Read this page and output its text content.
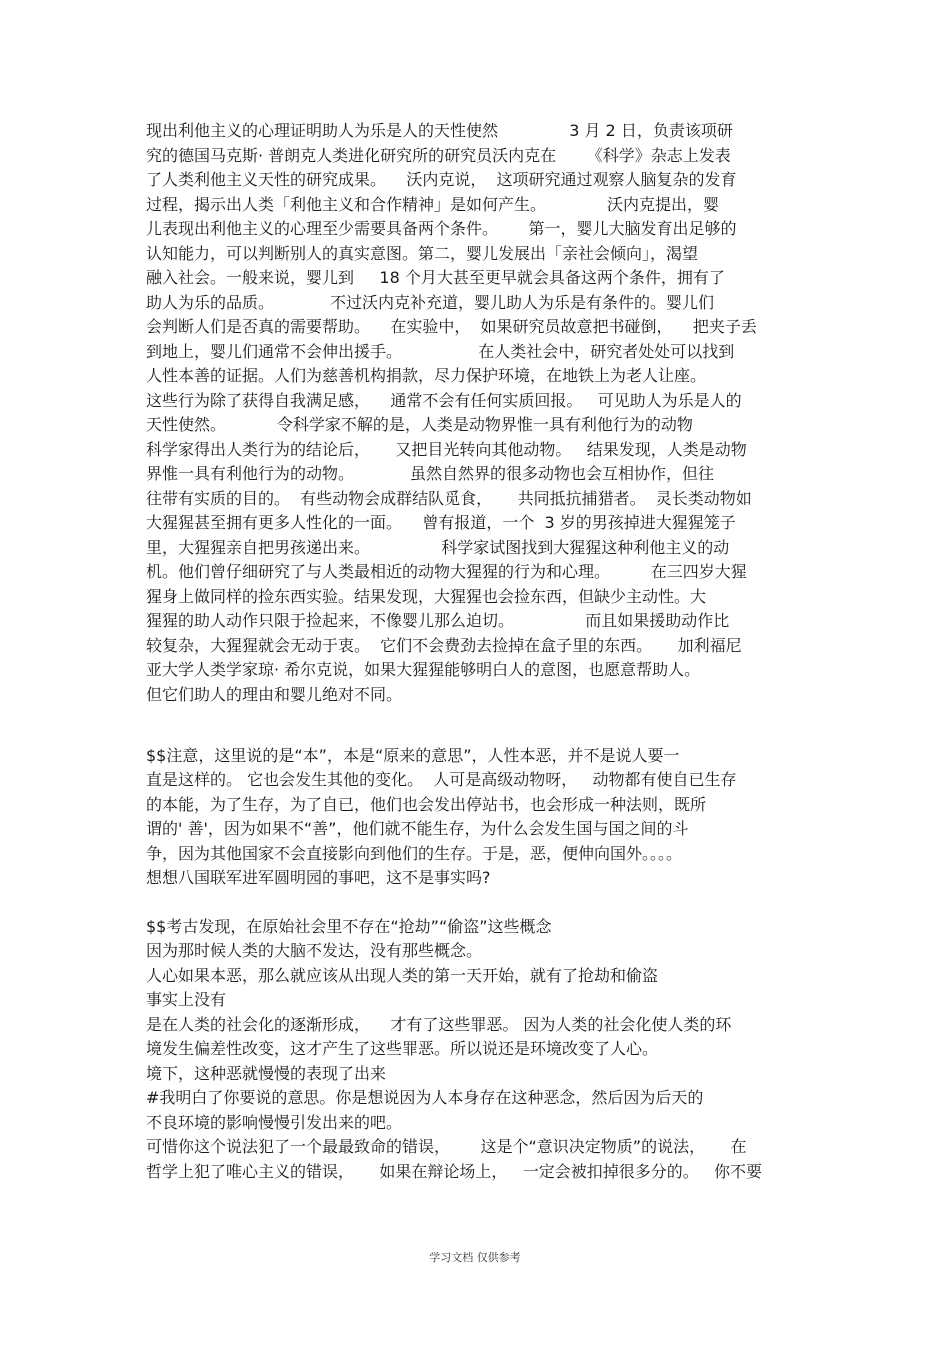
现出利他主义的心理证明助人为乐是人的天性使然              3 月 2 日，负责该项研
究的德国马克斯· 普朗克人类进化研究所的研究员沃内克在      《科学》杂志上发表
了人类利他主义天性的研究成果。    沃内克说，  这项研究通过观察人脑复杂的发育
过程，揭示出人类「利他主义和合作精神」是如何产生。            沃内克提出，婴
儿表现出利他主义的心理至少需要具备两个条件。      第一，婴儿大脑发育出足够的
认知能力，可以判断别人的真实意图。第二，婴儿发展出「亲社会倾向」，渴望
融入社会。一般来说，婴儿到     18 个月大甚至更早就会具备这两个条件，拥有了
助人为乐的品质。           不过沃内克补充道，婴儿助人为乐是有条件的。婴儿们
会判断人们是否真的需要帮助。    在实验中，  如果研究员故意把书碰倒，    把夹子丢
到地上，婴儿们通常不会伸出援手。               在人类社会中，研究者处处可以找到
人性本善的证据。人们为慈善机构捐款，尽力保护环境，在地铁上为老人让座。
这些行为除了获得自我满足感，    通常不会有任何实质回报。   可见助人为乐是人的
天性使然。          令科学家不解的是，人类是动物界惟一具有利他行为的动物
科学家得出人类行为的结论后，     又把目光转向其他动物。   结果发现，人类是动物
界惟一具有利他行为的动物。           虽然自然界的很多动物也会互相协作，但往
往带有实质的目的。  有些动物会成群结队觅食，     共同抵抗捕猎者。  灵长类动物如
大猩猩甚至拥有更多人性化的一面。    曾有报道，一个  3 岁的男孩掉进大猩猩笼子
里，大猩猩亲自把男孩递出来。              科学家试图找到大猩猩这种利他主义的动
机。他们曾仔细研究了与人类最相近的动物大猩猩的行为和心理。        在三四岁大猩
猩身上做同样的捡东西实验。结果发现，大猩猩也会捡东西，但缺少主动性。大
猩猩的助人动作只限于捡起来，不像婴儿那么迫切。              而且如果援助动作比
较复杂，大猩猩就会无动于衷。  它们不会费劲去捡掉在盒子里的东西。     加利福尼
亚大学人类学家琼· 希尔克说，如果大猩猩能够明白人的意图，也愿意帮助人。
但它们助人的理由和婴儿绝对不同。
$$注意，这里说的是“本”，本是“原来的意思”，人性本恶，并不是说人要一
直是这样的。 它也会发生其他的变化。  人可是高级动物呀，   动物都有使自已生存
的本能，为了生存，为了自已，他们也会发出停站书，也会形成一种法则，既所
谓的' 善'，因为如果不“善”，他们就不能生存，为什么会发生国与国之间的斗
争，因为其他国家不会直接影向到他们的生存。于是，恶，便伸向国外。。。。
想想八国联军进军圆明园的事吧，这不是事实吗?
$$考古发现，在原始社会里不存在“抢劫”“偷盗”这些概念
因为那时候人类的大脑不发达，没有那些概念。
人心如果本恶，那么就应该从出现人类的第一天开始，就有了抢劫和偷盗
事实上没有
是在人类的社会化的逐渐形成，    才有了这些罪恶。 因为人类的社会化使人类的环
境发生偏差性改变，这才产生了这些罪恶。所以说还是环境改变了人心。
境下，这种恶就慢慢的表现了出来
#我明白了你要说的意思。你是想说因为人本身存在这种恶念，然后因为后天的
不良环境的影响慢慢引发出来的吧。
可惜你这个说法犯了一个最最致命的错误，      这是个“意识决定物质”的说法，     在
哲学上犯了唯心主义的错误，     如果在辩论场上，   一定会被扣掉很多分的。   你不要
学习文档 仅供参考
